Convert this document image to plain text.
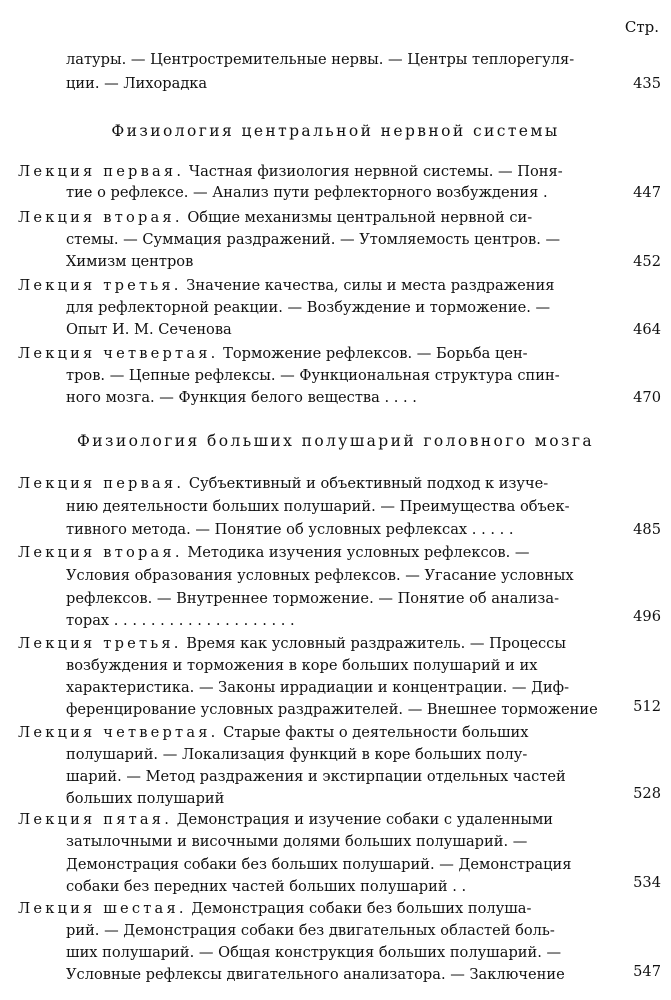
Стр.
латуры. — Центростремительные нервы. — Центры теплорегуля-
ции. — Лихорадка	435
Физиология центральной нервной системы
Лекция первая. Частная физиология нервной системы. — Поня-
тие о рефлексе. — Анализ пути рефлекторного возбуждения .	447
Лекция вторая. Общие механизмы центральной нервной си-
стемы. — Суммация раздражений. — Утомляемость центров. —
Химизм центров	452
Лекция третья. Значение качества, силы и места раздражения
для рефлекторной реакции. — Возбуждение и торможение. —
Опыт И. М. Сеченова	464
Лекция четвертая. Торможение рефлексов. — Борьба цен-
тров. — Цепные рефлексы. — Функциональная структура спин-
ного мозга. — Функция белого вещества . . . .	470
Физиология больших полушарий головного мозга
Лекция первая. Субъективный и объективный подход к изуче-
нию деятельности больших полушарий. — Преимущества объек-
тивного метода. — Понятие об условных рефлексах . . . . .	485
Лекция вторая. Методика изучения условных рефлексов. —
Условия образования условных рефлексов. — Угасание условных
рефлексов. — Внутреннее торможение. — Понятие об анализа-
торах . . . . . . . . . . . . . . . . . . . .	496
Лекция третья. Время как условный раздражитель. — Процессы
возбуждения и торможения в коре больших полушарий и их
характеристика. — Законы иррадиации и концентрации. — Диф-
ференцирование условных раздражителей. — Внешнее торможение	512
Лекция четвертая. Старые факты о деятельности больших
полушарий. — Локализация функций в коре больших полу-
шарий. — Метод раздражения и экстирпации отдельных частей
больших полушарий	528
Лекция пятая. Демонстрация и изучение собаки с удаленными
затылочными и височными долями больших полушарий. —
Демонстрация собаки без больших полушарий. — Демонстрация
собаки без передних частей больших полушарий . .	534
Лекция шестая. Демонстрация собаки без больших полуша-
рий. — Демонстрация собаки без двигательных областей боль-
ших полушарий. — Общая конструкция больших полушарий. —
Условные рефлексы двигательного анализатора. — Заключение	547
